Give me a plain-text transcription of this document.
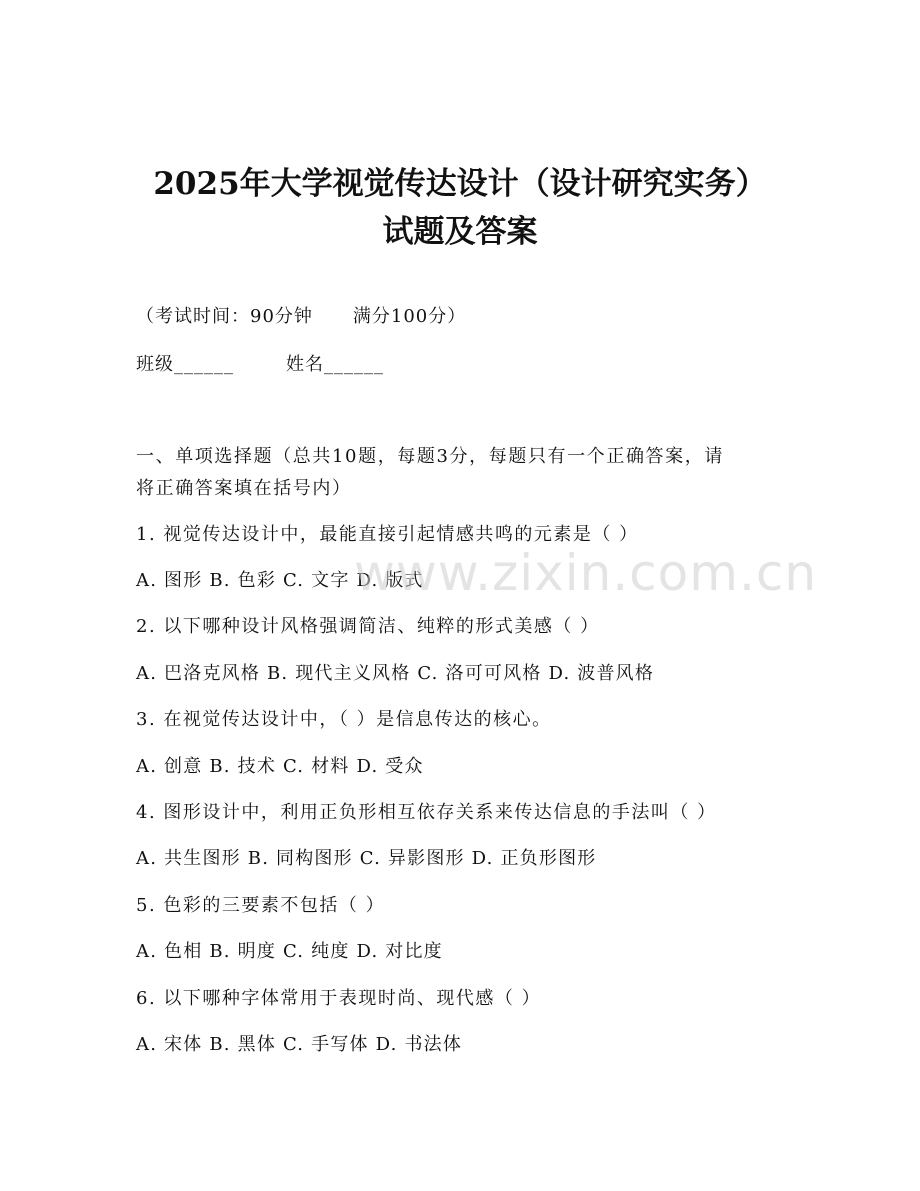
2025年大学视觉传达设计（设计研究实务）
试题及答案
（考试时间：90分钟 满分100分）
班级______	姓名______
一、单项选择题（总共10题，每题3分，每题只有一个正确答案，请
将正确答案填在括号内）
1. 视觉传达设计中，最能直接引起情感共鸣的元素是（ ）
A. 图形 B. 色彩 C. 文字 D. 版式
2. 以下哪种设计风格强调简洁、纯粹的形式美感（ ）
A. 巴洛克风格 B. 现代主义风格 C. 洛可可风格 D. 波普风格
3. 在视觉传达设计中，（ ）是信息传达的核心。
A. 创意 B. 技术 C. 材料 D. 受众
4. 图形设计中，利用正负形相互依存关系来传达信息的手法叫（ ）
A. 共生图形 B. 同构图形 C. 异影图形 D. 正负形图形
5. 色彩的三要素不包括（ ）
A. 色相 B. 明度 C. 纯度 D. 对比度
6. 以下哪种字体常用于表现时尚、现代感（ ）
A. 宋体 B. 黑体 C. 手写体 D. 书法体
www.zixin.com.cn
